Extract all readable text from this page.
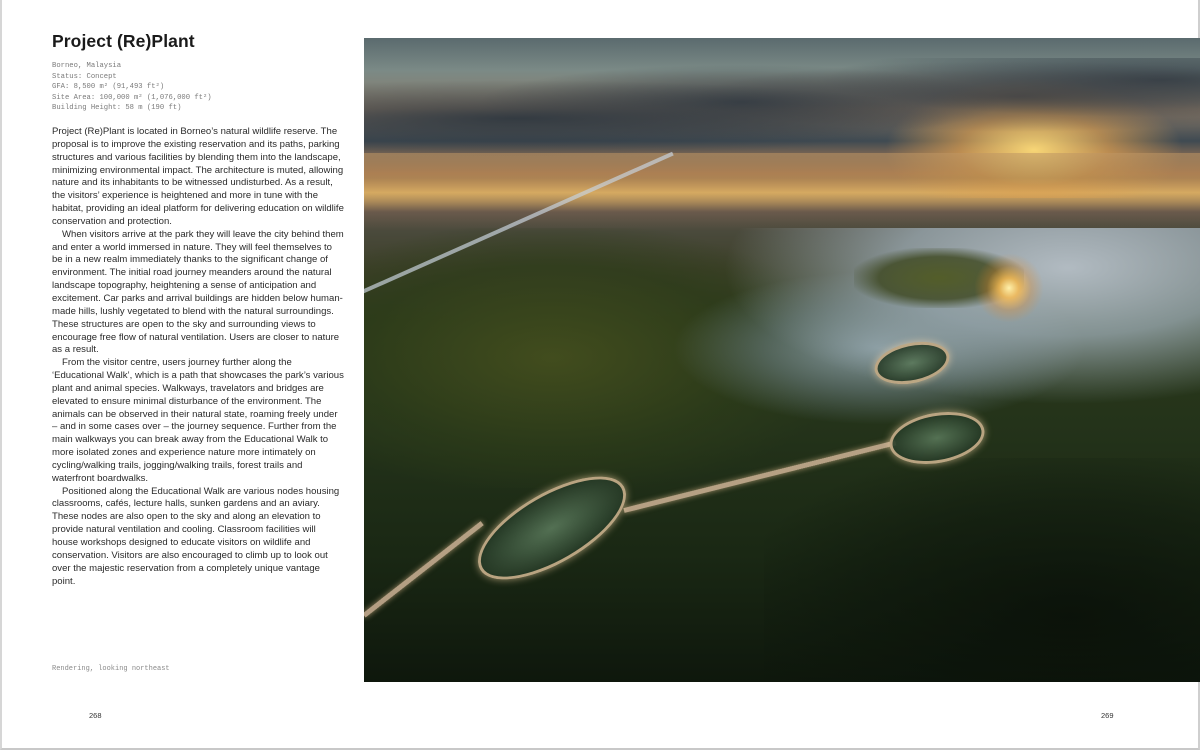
Project (Re)Plant
Borneo, Malaysia
Status: Concept
GFA: 8,500 m² (91,493 ft²)
Site Area: 100,000 m² (1,076,000 ft²)
Building Height: 58 m (190 ft)

Project (Re)Plant is located in Borneo’s natural wildlife reserve. The proposal is to improve the existing reservation and its paths, parking structures and various facilities by blending them into the landscape, minimizing environmental impact. The architecture is muted, allowing nature and its inhabitants to be witnessed undisturbed. As a result, the visitors’ experience is heightened and more in tune with the habitat, providing an ideal platform for delivering education on wildlife conservation and protection.

When visitors arrive at the park they will leave the city behind them and enter a world immersed in nature. They will feel themselves to be in a new realm immediately thanks to the significant change of environment. The initial road journey meanders around the natural landscape topography, heightening a sense of anticipation and excitement. Car parks and arrival buildings are hidden below human-made hills, lushly vegetated to blend with the natural surroundings. These structures are open to the sky and surrounding views to encourage free flow of natural ventilation. Users are closer to nature as a result.

From the visitor centre, users journey further along the ‘Educational Walk’, which is a path that showcases the park’s various plant and animal species. Walkways, travelators and bridges are elevated to ensure minimal disturbance of the environment. The animals can be observed in their natural state, roaming freely under – and in some cases over – the journey sequence. Further from the main walkways you can break away from the Educational Walk to more isolated zones and experience nature more intimately on cycling/walking trails, jogging/walking trails, forest trails and waterfront boardwalks.

Positioned along the Educational Walk are various nodes housing classrooms, cafés, lecture halls, sunken gardens and an aviary. These nodes are also open to the sky and along an elevation to provide natural ventilation and cooling. Classroom facilities will house workshops designed to educate visitors on wildlife and conservation. Visitors are also encouraged to climb up to look out over the majestic reservation from a completely unique vantage point.

Rendering, looking northeast
268	269
